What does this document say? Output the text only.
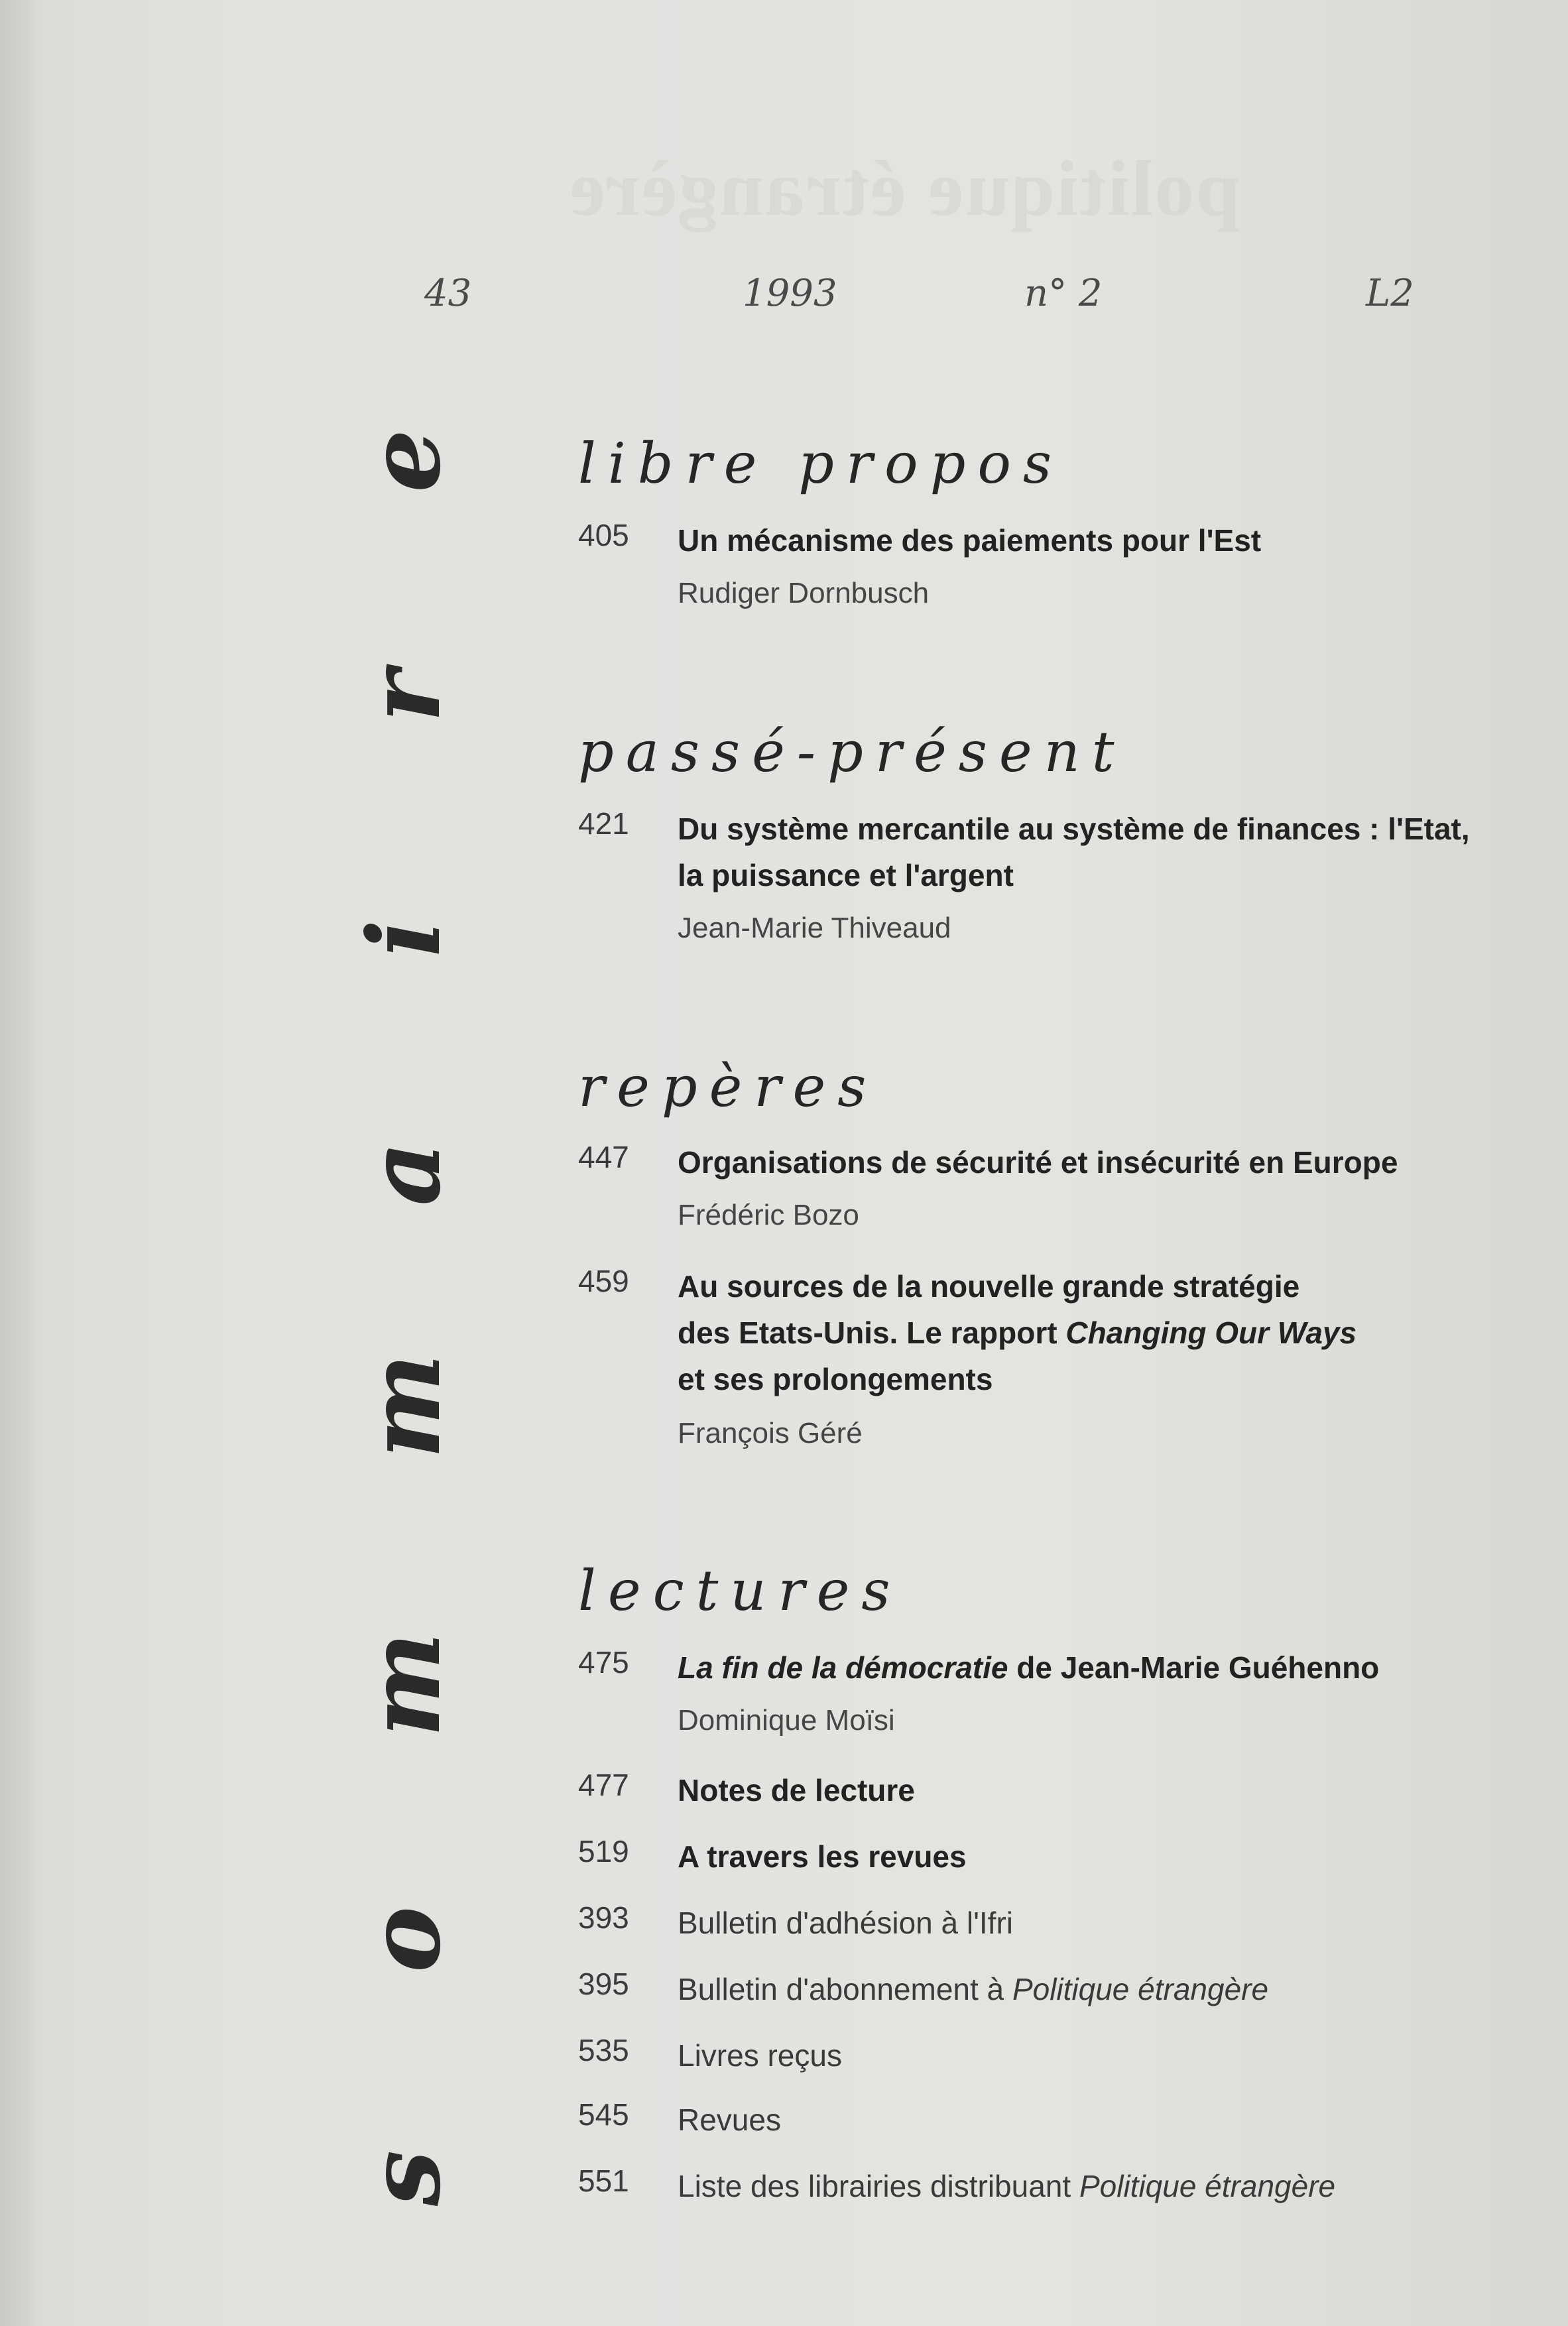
politique étrangère
43	1993	n° 2	L2
e
r
i
a
m
m
o
s
libre propos
405	Un mécanisme des paiements pour l'Est
Rudiger Dornbusch
passé-présent
421	Du système mercantile au système de finances : l'Etat,
la puissance et l'argent
Jean-Marie Thiveaud
repères
447	Organisations de sécurité et insécurité en Europe
Frédéric Bozo
459	Au sources de la nouvelle grande stratégie
des Etats-Unis. Le rapport Changing Our Ways
et ses prolongements
François Géré
lectures
475	La fin de la démocratie de Jean-Marie Guéhenno
Dominique Moïsi
477	Notes de lecture
519	A travers les revues
393	Bulletin d'adhésion à l'Ifri
395	Bulletin d'abonnement à Politique étrangère
535	Livres reçus
545	Revues
551	Liste des librairies distribuant Politique étrangère
